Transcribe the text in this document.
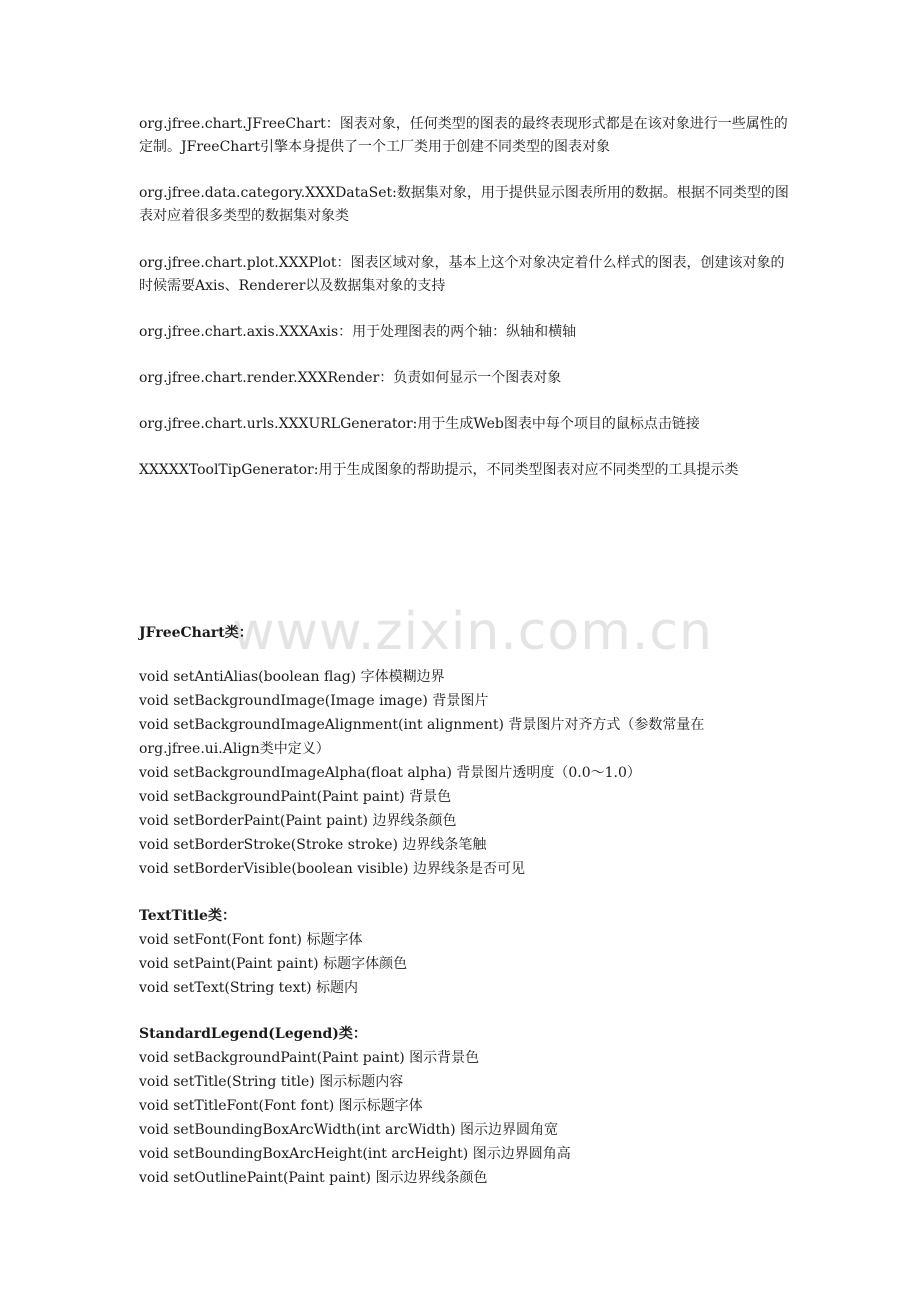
www.zixin.com.cn

org.jfree.chart.JFreeChart：图表对象，任何类型的图表的最终表现形式都是在该对象进行一些属性的定制。JFreeChart引擎本身提供了一个工厂类用于创建不同类型的图表对象

org.jfree.data.category.XXXDataSet:数据集对象，用于提供显示图表所用的数据。根据不同类型的图表对应着很多类型的数据集对象类

org.jfree.chart.plot.XXXPlot：图表区域对象，基本上这个对象决定着什么样式的图表，创建该对象的时候需要Axis、Renderer以及数据集对象的支持

org.jfree.chart.axis.XXXAxis：用于处理图表的两个轴：纵轴和横轴

org.jfree.chart.render.XXXRender：负责如何显示一个图表对象

org.jfree.chart.urls.XXXURLGenerator:用于生成Web图表中每个项目的鼠标点击链接

XXXXXToolTipGenerator:用于生成图象的帮助提示，不同类型图表对应不同类型的工具提示类

JFreeChart类：
void setAntiAlias(boolean flag) 字体模糊边界
void setBackgroundImage(Image image) 背景图片
void setBackgroundImageAlignment(int alignment) 背景图片对齐方式（参数常量在org.jfree.ui.Align类中定义）
void setBackgroundImageAlpha(float alpha) 背景图片透明度（0.0～1.0）
void setBackgroundPaint(Paint paint) 背景色
void setBorderPaint(Paint paint) 边界线条颜色
void setBorderStroke(Stroke stroke) 边界线条笔触
void setBorderVisible(boolean visible) 边界线条是否可见
TextTitle类：
void setFont(Font font) 标题字体
void setPaint(Paint paint) 标题字体颜色
void setText(String text) 标题内
StandardLegend(Legend)类：
void setBackgroundPaint(Paint paint) 图示背景色
void setTitle(String title) 图示标题内容
void setTitleFont(Font font) 图示标题字体
void setBoundingBoxArcWidth(int arcWidth) 图示边界圆角宽
void setBoundingBoxArcHeight(int arcHeight) 图示边界圆角高
void setOutlinePaint(Paint paint) 图示边界线条颜色
